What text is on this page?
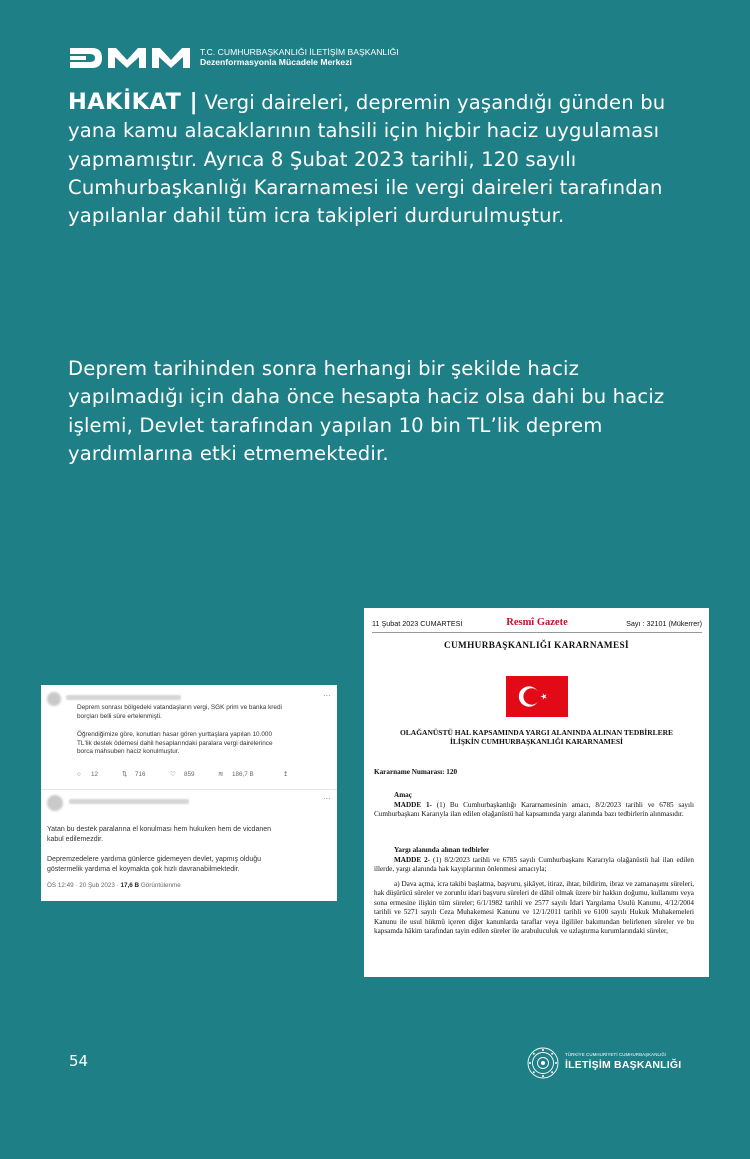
T.C. CUMHURBAŞKANLIĞI İLETİŞİM BAŞKANLIĞI
Dezenformasyonla Mücadele Merkezi
HAKİKAT | Vergi daireleri, depremin yaşandığı günden bu yana kamu alacaklarının tahsili için hiçbir haciz uygulaması yapmamıştır. Ayrıca 8 Şubat 2023 tarihli, 120 sayılı Cumhurbaşkanlığı Kararnamesi ile vergi daireleri tarafından yapılanlar dahil tüm icra takipleri durdurulmuştur.
Deprem tarihinden sonra herhangi bir şekilde haciz yapılmadığı için daha önce hesapta haciz olsa dahi bu haciz işlemi, Devlet tarafından yapılan 10 bin TL’lik deprem yardımlarına etki etmemektedir.
···
Deprem sonrası bölgedeki vatandaşların vergi, SGK prim ve banka kredi
borçları belli süre ertelenmişti.
Öğrendiğimize göre, konutları hasar gören yurttaşlara yapılan 10.000
TL'lik destek ödemesi dahil hesaplarındaki paralara vergi dairelerince
borca mahsuben haciz konulmuştur.
○ 12	⇅ 716	♡ 859	≋ 186,7 B	↥
···
Yatan bu destek paralarına el konulması hem hukuken hem de vicdanen
kabul edilemezdir.
Depremzedelere yardıma günlerce gidemeyen devlet, yapmış olduğu
göstermelik yardıma el koymakta çok hızlı davranabilmektedir.
ÖS 12:49 · 20 Şub 2023 · 17,6 B Görüntülenme
11 Şubat 2023 CUMARTESİ	Resmî Gazete	Sayı : 32101 (Mükerrer)
CUMHURBAŞKANLIĞI KARARNAMESİ
OLAĞANÜSTÜ HAL KAPSAMINDA YARGI ALANINDA ALINAN TEDBİRLERE
İLİŞKİN CUMHURBAŞKANLIĞI KARARNAMESİ
Kararname Numarası: 120
Amaç
MADDE 1- (1) Bu Cumhurbaşkanlığı Kararnamesinin amacı, 8/2/2023 tarihli ve 6785 sayılı Cumhurbaşkanı Kararıyla ilan edilen olağanüstü hal kapsamında yargı alanında bazı tedbirlerin alınmasıdır.
Yargı alanında alınan tedbirler
MADDE 2- (1) 8/2/2023 tarihli ve 6785 sayılı Cumhurbaşkanı Kararıyla olağanüstü hal ilan edilen illerde, yargı alanında hak kayıplarının önlenmesi amacıyla;
a) Dava açma, icra takibi başlatma, başvuru, şikâyet, itiraz, ihtar, bildirim, ibraz ve zamanaşımı süreleri, hak düşürücü süreler ve zorunlu idari başvuru süreleri de dâhil olmak üzere bir hakkın doğumu, kullanımı veya sona ermesine ilişkin tüm süreler; 6/1/1982 tarihli ve 2577 sayılı İdari Yargılama Usulü Kanunu, 4/12/2004 tarihli ve 5271 sayılı Ceza Muhakemesi Kanunu ve 12/1/2011 tarihli ve 6100 sayılı Hukuk Muhakemeleri Kanunu ile usul hükmü içeren diğer kanunlarda taraflar veya ilgililer bakımından belirlenen süreler ve bu kapsamda hâkim tarafından tayin edilen süreler ile arabuluculuk ve uzlaştırma kurumlarındaki süreler,
54	TÜRKİYE CUMHURİYETİ CUMHURBAŞKANLIĞI
İLETİŞİM BAŞKANLIĞI
